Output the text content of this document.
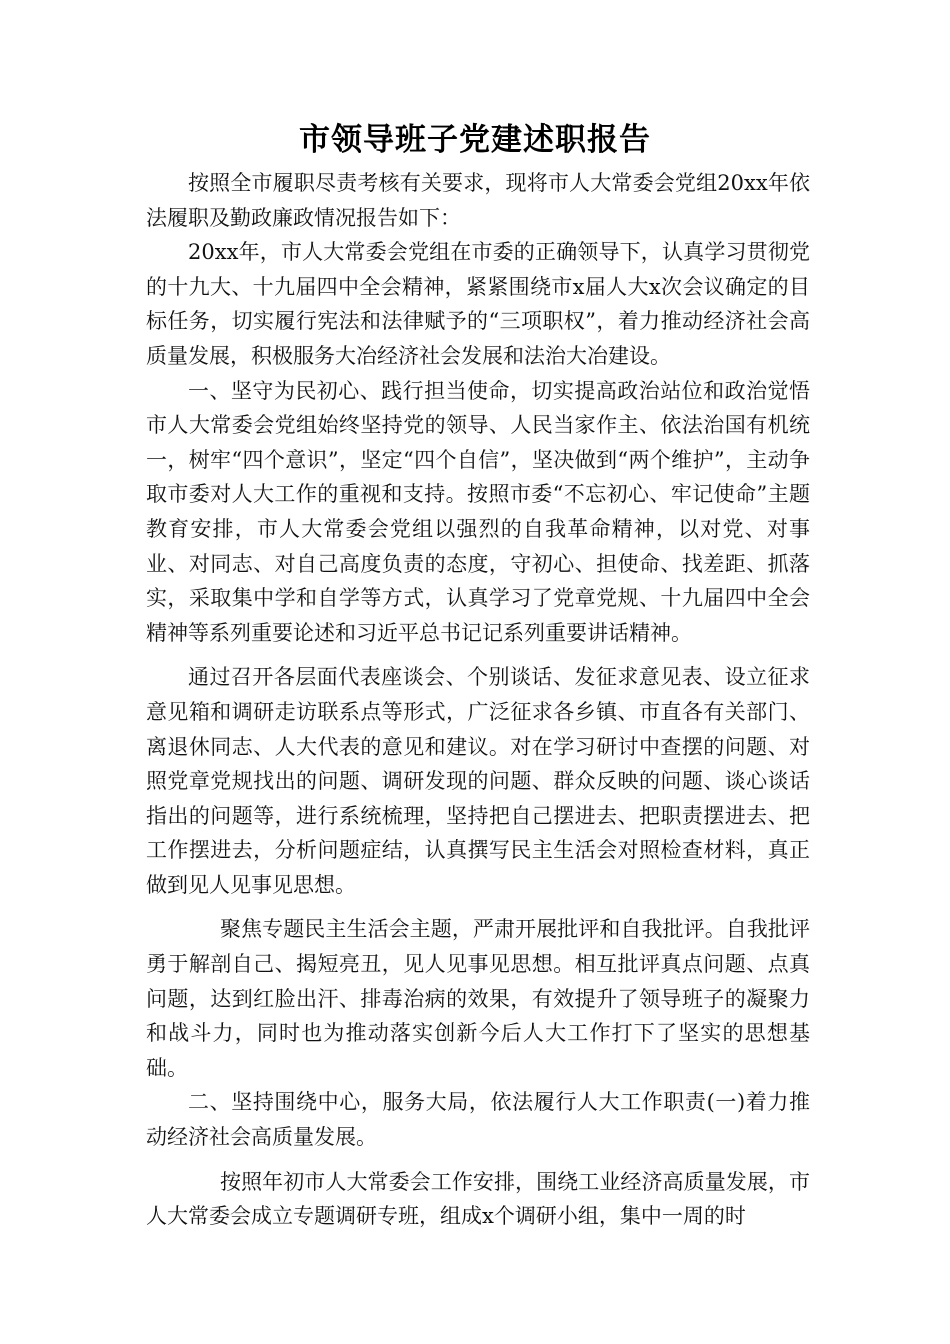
市领导班子党建述职报告

按照全市履职尽责考核有关要求，现将市人大常委会党组20xx年依法履职及勤政廉政情况报告如下：

20xx年，市人大常委会党组在市委的正确领导下，认真学习贯彻党的十九大、十九届四中全会精神，紧紧围绕市x届人大x次会议确定的目标任务，切实履行宪法和法律赋予的“三项职权”，着力推动经济社会高质量发展，积极服务大冶经济社会发展和法治大冶建设。

一、坚守为民初心、践行担当使命，切实提高政治站位和政治觉悟市人大常委会党组始终坚持党的领导、人民当家作主、依法治国有机统一，树牢“四个意识”，坚定“四个自信”，坚决做到“两个维护”，主动争取市委对人大工作的重视和支持。按照市委“不忘初心、牢记使命”主题教育安排，市人大常委会党组以强烈的自我革命精神，以对党、对事业、对同志、对自己高度负责的态度，守初心、担使命、找差距、抓落实，采取集中学和自学等方式，认真学习了党章党规、十九届四中全会精神等系列重要论述和习近平总书记记系列重要讲话精神。

通过召开各层面代表座谈会、个别谈话、发征求意见表、设立征求意见箱和调研走访联系点等形式，广泛征求各乡镇、市直各有关部门、离退休同志、人大代表的意见和建议。对在学习研讨中查摆的问题、对照党章党规找出的问题、调研发现的问题、群众反映的问题、谈心谈话指出的问题等，进行系统梳理，坚持把自己摆进去、把职责摆进去、把工作摆进去，分析问题症结，认真撰写民主生活会对照检查材料，真正做到见人见事见思想。

聚焦专题民主生活会主题，严肃开展批评和自我批评。自我批评勇于解剖自己、揭短亮丑，见人见事见思想。相互批评真点问题、点真问题，达到红脸出汗、排毒治病的效果，有效提升了领导班子的凝聚力和战斗力，同时也为推动落实创新今后人大工作打下了坚实的思想基础。

二、坚持围绕中心，服务大局，依法履行人大工作职责(一)着力推动经济社会高质量发展。

按照年初市人大常委会工作安排，围绕工业经济高质量发展，市人大常委会成立专题调研专班，组成x个调研小组，集中一周的时
